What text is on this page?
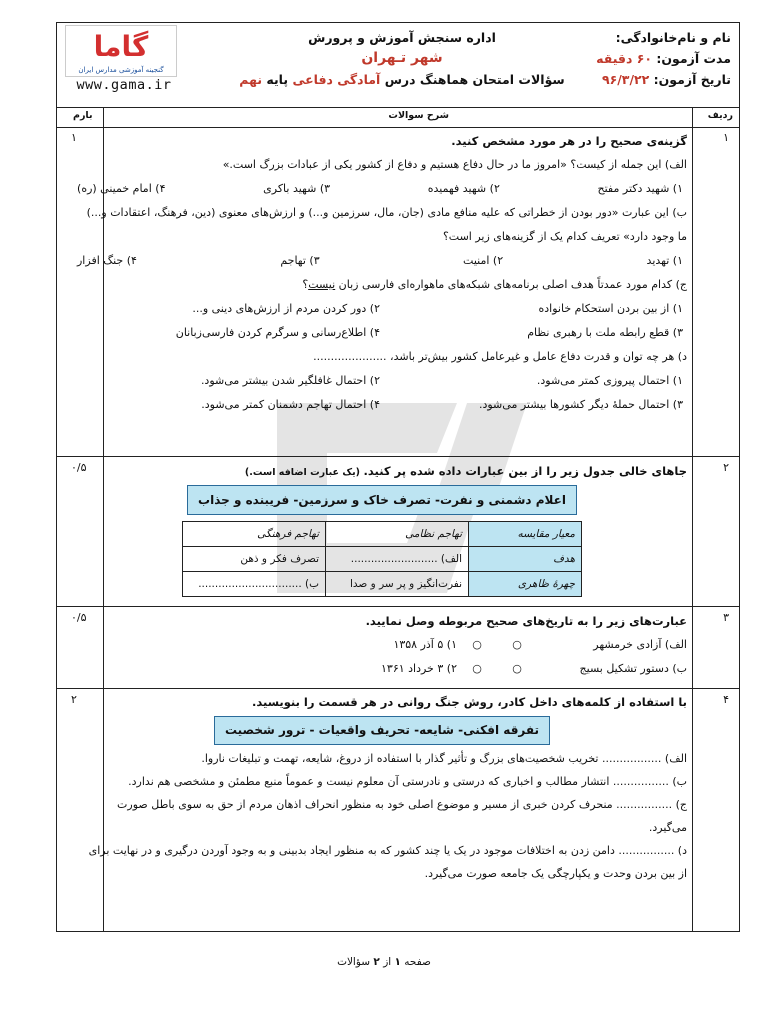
نام و نام‌خانوادگی:
مدت آزمون: ۶۰ دقیقه
تاریخ آزمون: ۹۶/۳/۲۲
اداره سنجش آموزش و پرورش
شهر تـهران
سؤالات امتحان هماهنگ درس آمادگی دفاعی پایه نهم
گاما
گنجینه آموزشی مدارس ایران
www.gama.ir
ردیف
شرح سوالات
بارم
۱
۱	گزینه‌ی صحیح را در هر مورد مشخص کنید.
الف) این جمله از کیست؟ «امروز ما در حال دفاع هستیم و دفاع از کشور یکی از عبادات بزرگ است.»
۱) شهید دکتر مفتح
۲) شهید فهمیده
۳) شهید باکری
۴) امام خمینی (ره)
ب) این عبارت «دور بودن از خطراتی که علیه منافع مادی (جان، مال، سرزمین و...) و ارزش‌های معنوی (دین، فرهنگ، اعتقادات و...) ما وجود دارد» تعریف کدام یک از گزینه‌های زیر است؟
۱) تهدید
۲) امنیت
۳) تهاجم
۴) جنگ افزار
ج) کدام مورد عمدتاً هدف اصلی برنامه‌های شبکه‌های ماهواره‌ای فارسی زبان نیست؟
۱) از بین بردن استحکام خانواده
۲) دور کردن مردم از ارزش‌های دینی و...
۳) قطع رابطه ملت با رهبری نظام
۴) اطلاع‌رسانی و سرگرم کردن فارسی‌زبانان
د) هر چه توان و قدرت دفاع عامل و غیرعامل کشور بیش‌تر باشد، .....................
۱) احتمال پیروزی کمتر می‌شود.
۲) احتمال غافلگیر شدن بیشتر می‌شود.
۳) احتمال حملهٔ دیگر کشورها بیشتر می‌شود.
۴) احتمال تهاجم دشمنان کمتر می‌شود.
۲
۰/۵	جاهای خالی جدول زیر را از بین عبارات داده شده پر کنید. (یک عبارت اضافه است.)
اعلام دشمنی و نفرت- تصرف خاک و سرزمین- فریبنده و جذاب
معیار مقایسه	تهاجم نظامی	تهاجم فرهنگی
هدف	الف) ..........................	تصرف فکر و ذهن
چهرهٔ ظاهری	نفرت‌انگیز و پر سر و صدا	ب) ...............................
۳
۰/۵	عبارت‌های زیر را به تاریخ‌های صحیح مربوطه وصل نمایید.
الف) آزادی خرمشهر
○
○
۱) ۵ آذر ۱۳۵۸
ب) دستور تشکیل بسیج
○
○
۲) ۳ خرداد ۱۳۶۱
۴
۲	با استفاده از کلمه‌های داخل کادر، روش جنگ روانی در هر قسمت را بنویسید.
تفرقه افکنی- شایعه- تحریف واقعیات - ترور شخصیت
الف) ................. تخریب شخصیت‌های بزرگ و تأثیر گذار با استفاده از دروغ، شایعه، تهمت و تبلیغات ناروا.
ب) ................ انتشار مطالب و اخباری که درستی و نادرستی آن معلوم نیست و عموماً منبع مطمئن و مشخصی هم ندارد.
ج) ................ منحرف کردن خبری از مسیر و موضوع اصلی خود به منظور انحراف اذهان مردم از حق به سوی باطل صورت می‌گیرد.
د) ................ دامن زدن به اختلافات موجود در یک یا چند کشور که به منظور ایجاد بدبینی و به وجود آوردن درگیری و در نهایت برای از بین بردن وحدت و یکپارچگی یک جامعه صورت می‌گیرد.
صفحه ۱ از ۲ سؤالات
